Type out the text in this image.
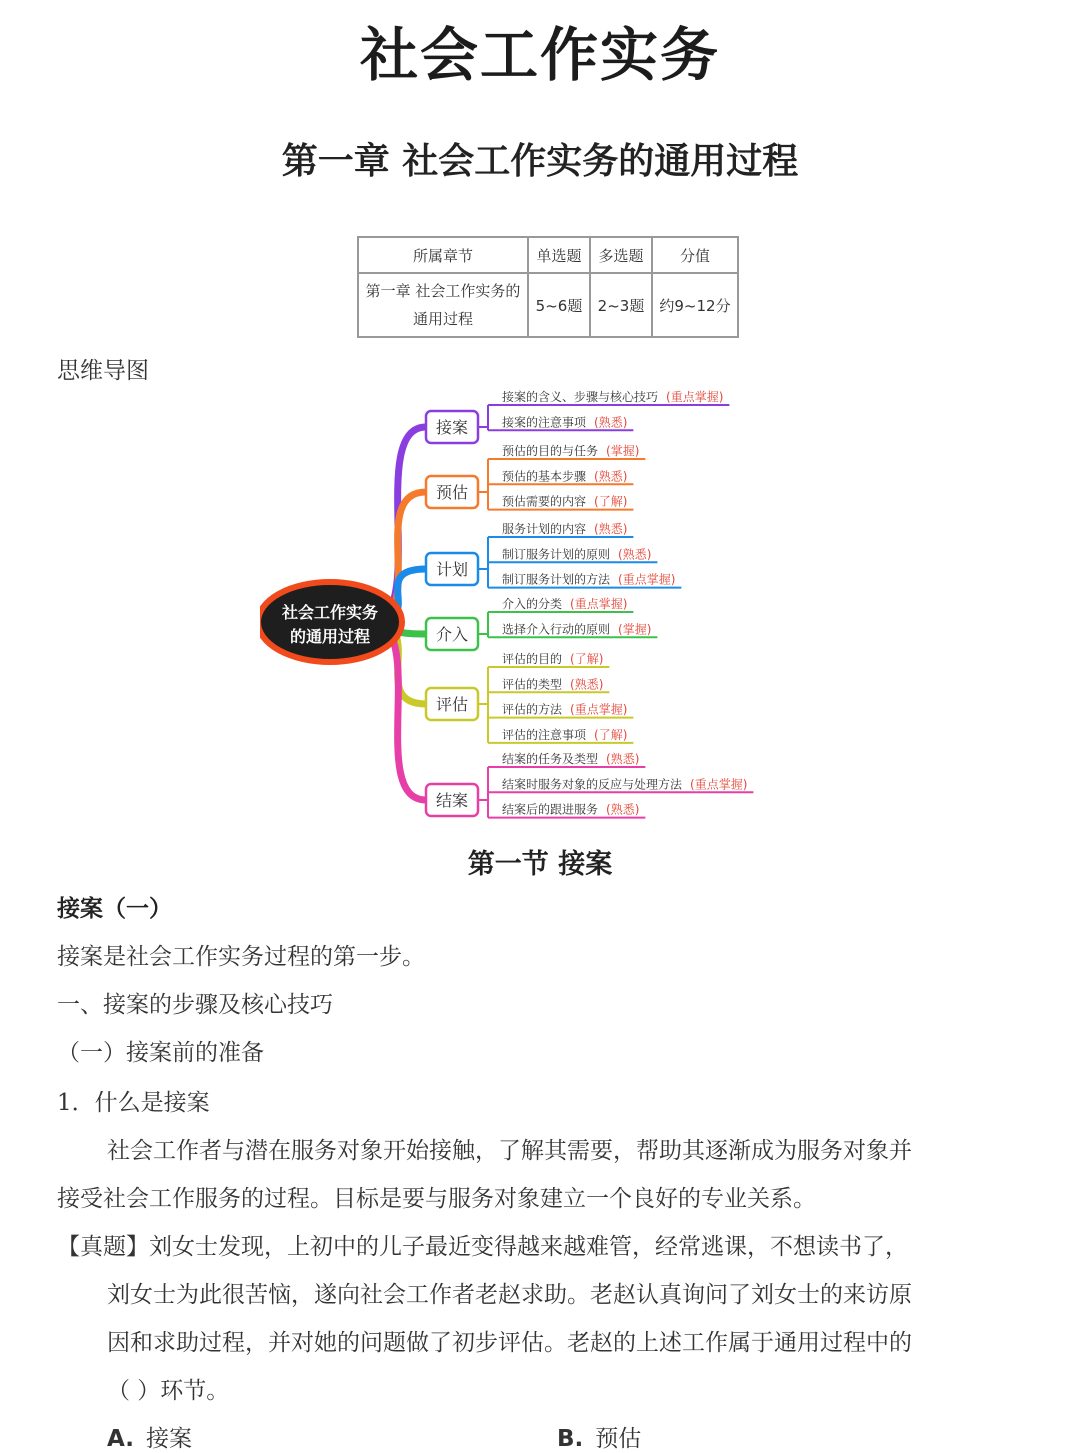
社会工作实务
第一章 社会工作实务的通用过程
所属章节	单选题	多选题	分值
第一章 社会工作实务的通用过程	5~6题	2~3题	约9~12分
思维导图
社会工作实务
的通用过程
接案
接案的含义、步骤与核心技巧 (重点掌握)
接案的注意事项 (熟悉)
预估
预估的目的与任务 (掌握)
预估的基本步骤 (熟悉)
预估需要的内容 (了解)
计划
服务计划的内容 (熟悉)
制订服务计划的原则 (熟悉)
制订服务计划的方法 (重点掌握)
介入
介入的分类 (重点掌握)
选择介入行动的原则 (掌握)
评估
评估的目的 (了解)
评估的类型 (熟悉)
评估的方法 (重点掌握)
评估的注意事项 (了解)
结案
结案的任务及类型 (熟悉)
结案时服务对象的反应与处理方法 (重点掌握)
结案后的跟进服务 (熟悉)
第一节 接案
接案（一）
接案是社会工作实务过程的第一步。
一、接案的步骤及核心技巧
（一）接案前的准备
1．什么是接案
社会工作者与潜在服务对象开始接触，了解其需要，帮助其逐渐成为服务对象并
接受社会工作服务的过程。目标是要与服务对象建立一个良好的专业关系。
【真题】刘女士发现，上初中的儿子最近变得越来越难管，经常逃课，不想读书了，
刘女士为此很苦恼，遂向社会工作者老赵求助。老赵认真询问了刘女士的来访原
因和求助过程，并对她的问题做了初步评估。老赵的上述工作属于通用过程中的
（ ）环节。
A. 接案	B. 预估
